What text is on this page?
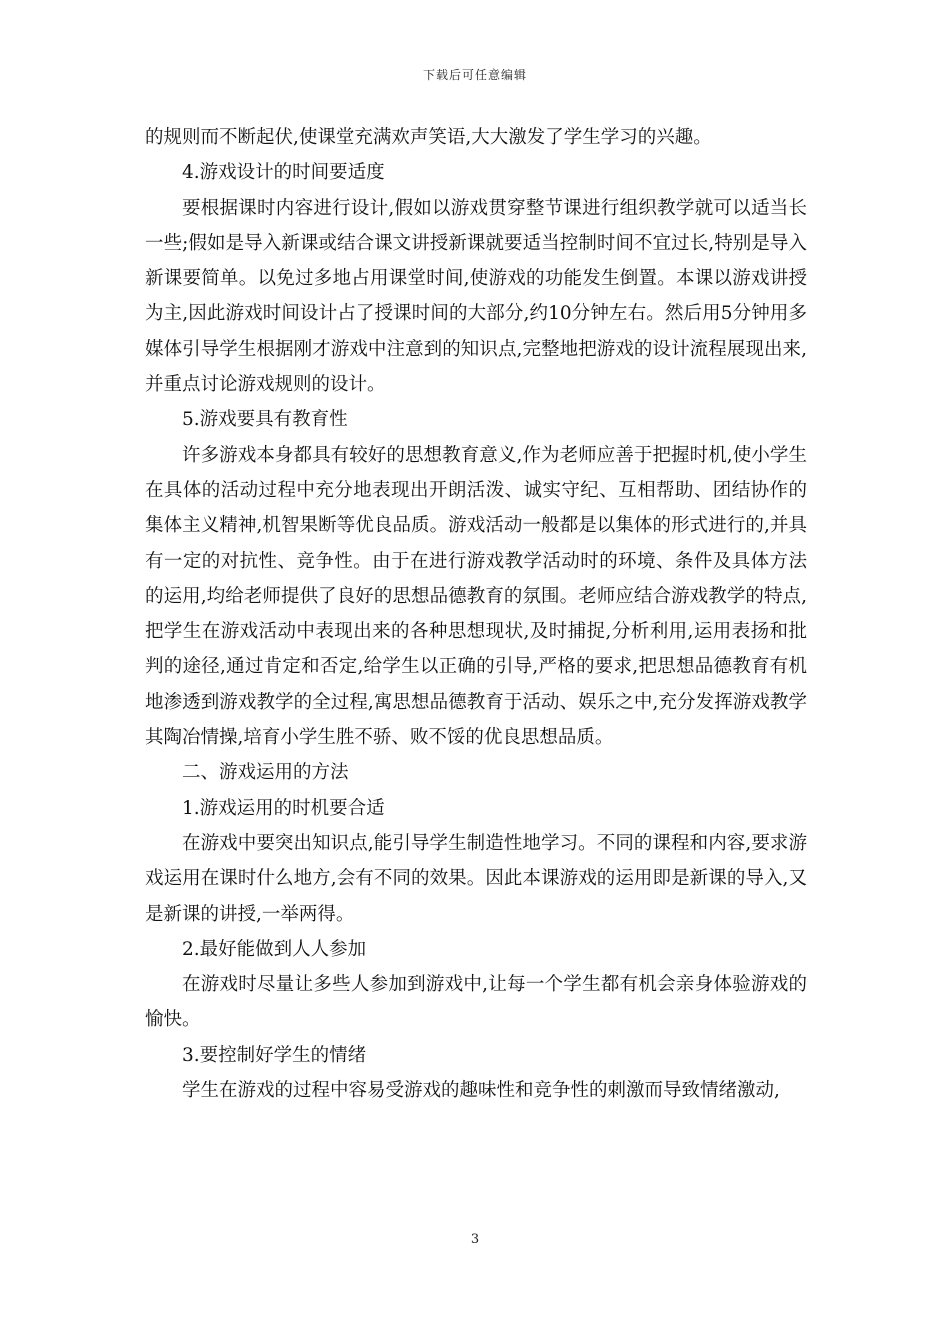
下载后可任意编辑

的规则而不断起伏,使课堂充满欢声笑语,大大激发了学生学习的兴趣。

4.游戏设计的时间要适度

要根据课时内容进行设计,假如以游戏贯穿整节课进行组织教学就可以适当长一些;假如是导入新课或结合课文讲授新课就要适当控制时间不宜过长,特别是导入新课要简单。以免过多地占用课堂时间,使游戏的功能发生倒置。本课以游戏讲授为主,因此游戏时间设计占了授课时间的大部分,约10分钟左右。然后用5分钟用多媒体引导学生根据刚才游戏中注意到的知识点,完整地把游戏的设计流程展现出来,并重点讨论游戏规则的设计。

5.游戏要具有教育性

许多游戏本身都具有较好的思想教育意义,作为老师应善于把握时机,使小学生在具体的活动过程中充分地表现出开朗活泼、诚实守纪、互相帮助、团结协作的集体主义精神,机智果断等优良品质。游戏活动一般都是以集体的形式进行的,并具有一定的对抗性、竞争性。由于在进行游戏教学活动时的环境、条件及具体方法的运用,均给老师提供了良好的思想品德教育的氛围。老师应结合游戏教学的特点,把学生在游戏活动中表现出来的各种思想现状,及时捕捉,分析利用,运用表扬和批判的途径,通过肯定和否定,给学生以正确的引导,严格的要求,把思想品德教育有机地渗透到游戏教学的全过程,寓思想品德教育于活动、娱乐之中,充分发挥游戏教学其陶冶情操,培育小学生胜不骄、败不馁的优良思想品质。

二、游戏运用的方法

1.游戏运用的时机要合适

在游戏中要突出知识点,能引导学生制造性地学习。不同的课程和内容,要求游戏运用在课时什么地方,会有不同的效果。因此本课游戏的运用即是新课的导入,又是新课的讲授,一举两得。

2.最好能做到人人参加

在游戏时尽量让多些人参加到游戏中,让每一个学生都有机会亲身体验游戏的愉快。

3.要控制好学生的情绪

学生在游戏的过程中容易受游戏的趣味性和竞争性的刺激而导致情绪激动,

3
